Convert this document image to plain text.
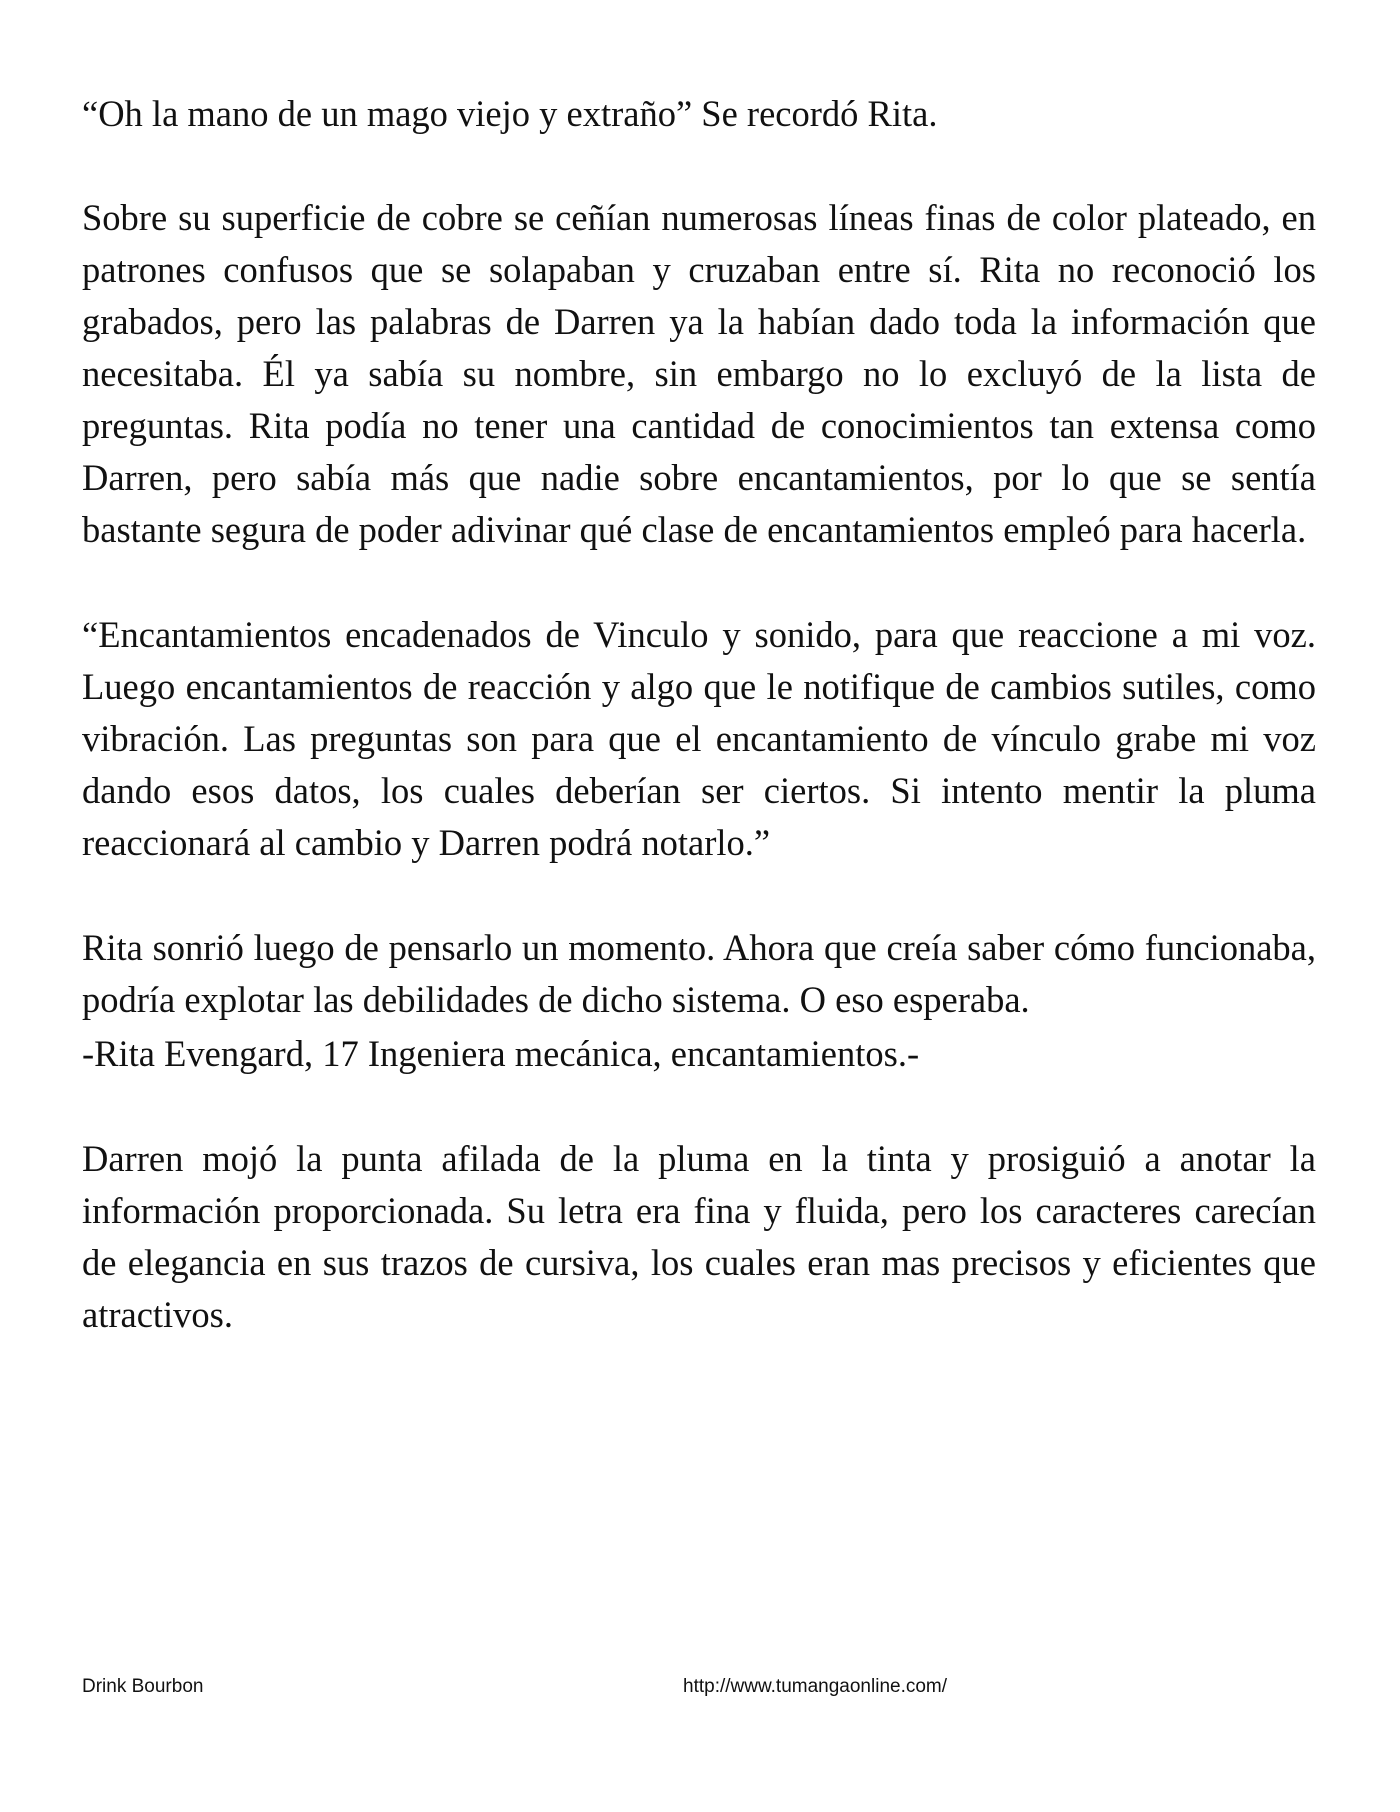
“Oh la mano de un mago viejo y extraño” Se recordó Rita.

Sobre su superficie de cobre se ceñían numerosas líneas finas de color plateado, en patrones confusos que se solapaban y cruzaban entre sí. Rita no reconoció los grabados, pero las palabras de Darren ya la habían dado toda la información que necesitaba. Él ya sabía su nombre, sin embargo no lo excluyó de la lista de preguntas. Rita podía no tener una cantidad de conocimientos tan extensa como Darren, pero sabía más que nadie sobre encantamientos, por lo que se sentía bastante segura de poder adivinar qué clase de encantamientos empleó para hacerla.

“Encantamientos encadenados de Vinculo y sonido, para que reaccione a mi voz. Luego encantamientos de reacción y algo que le notifique de cambios sutiles, como vibración. Las preguntas son para que el encantamiento de vínculo grabe mi voz dando esos datos, los cuales deberían ser ciertos. Si intento mentir la pluma reaccionará al cambio y Darren podrá notarlo.”

Rita sonrió luego de pensarlo un momento. Ahora que creía saber cómo funcionaba, podría explotar las debilidades de dicho sistema. O eso esperaba.

-Rita Evengard, 17 Ingeniera mecánica, encantamientos.-

Darren mojó la punta afilada de la pluma en la tinta y prosiguió a anotar la información proporcionada. Su letra era fina y fluida, pero los caracteres carecían de elegancia en sus trazos de cursiva, los cuales eran mas precisos y eficientes que atractivos.

Drink Bourbon	http://www.tumangaonline.com/
